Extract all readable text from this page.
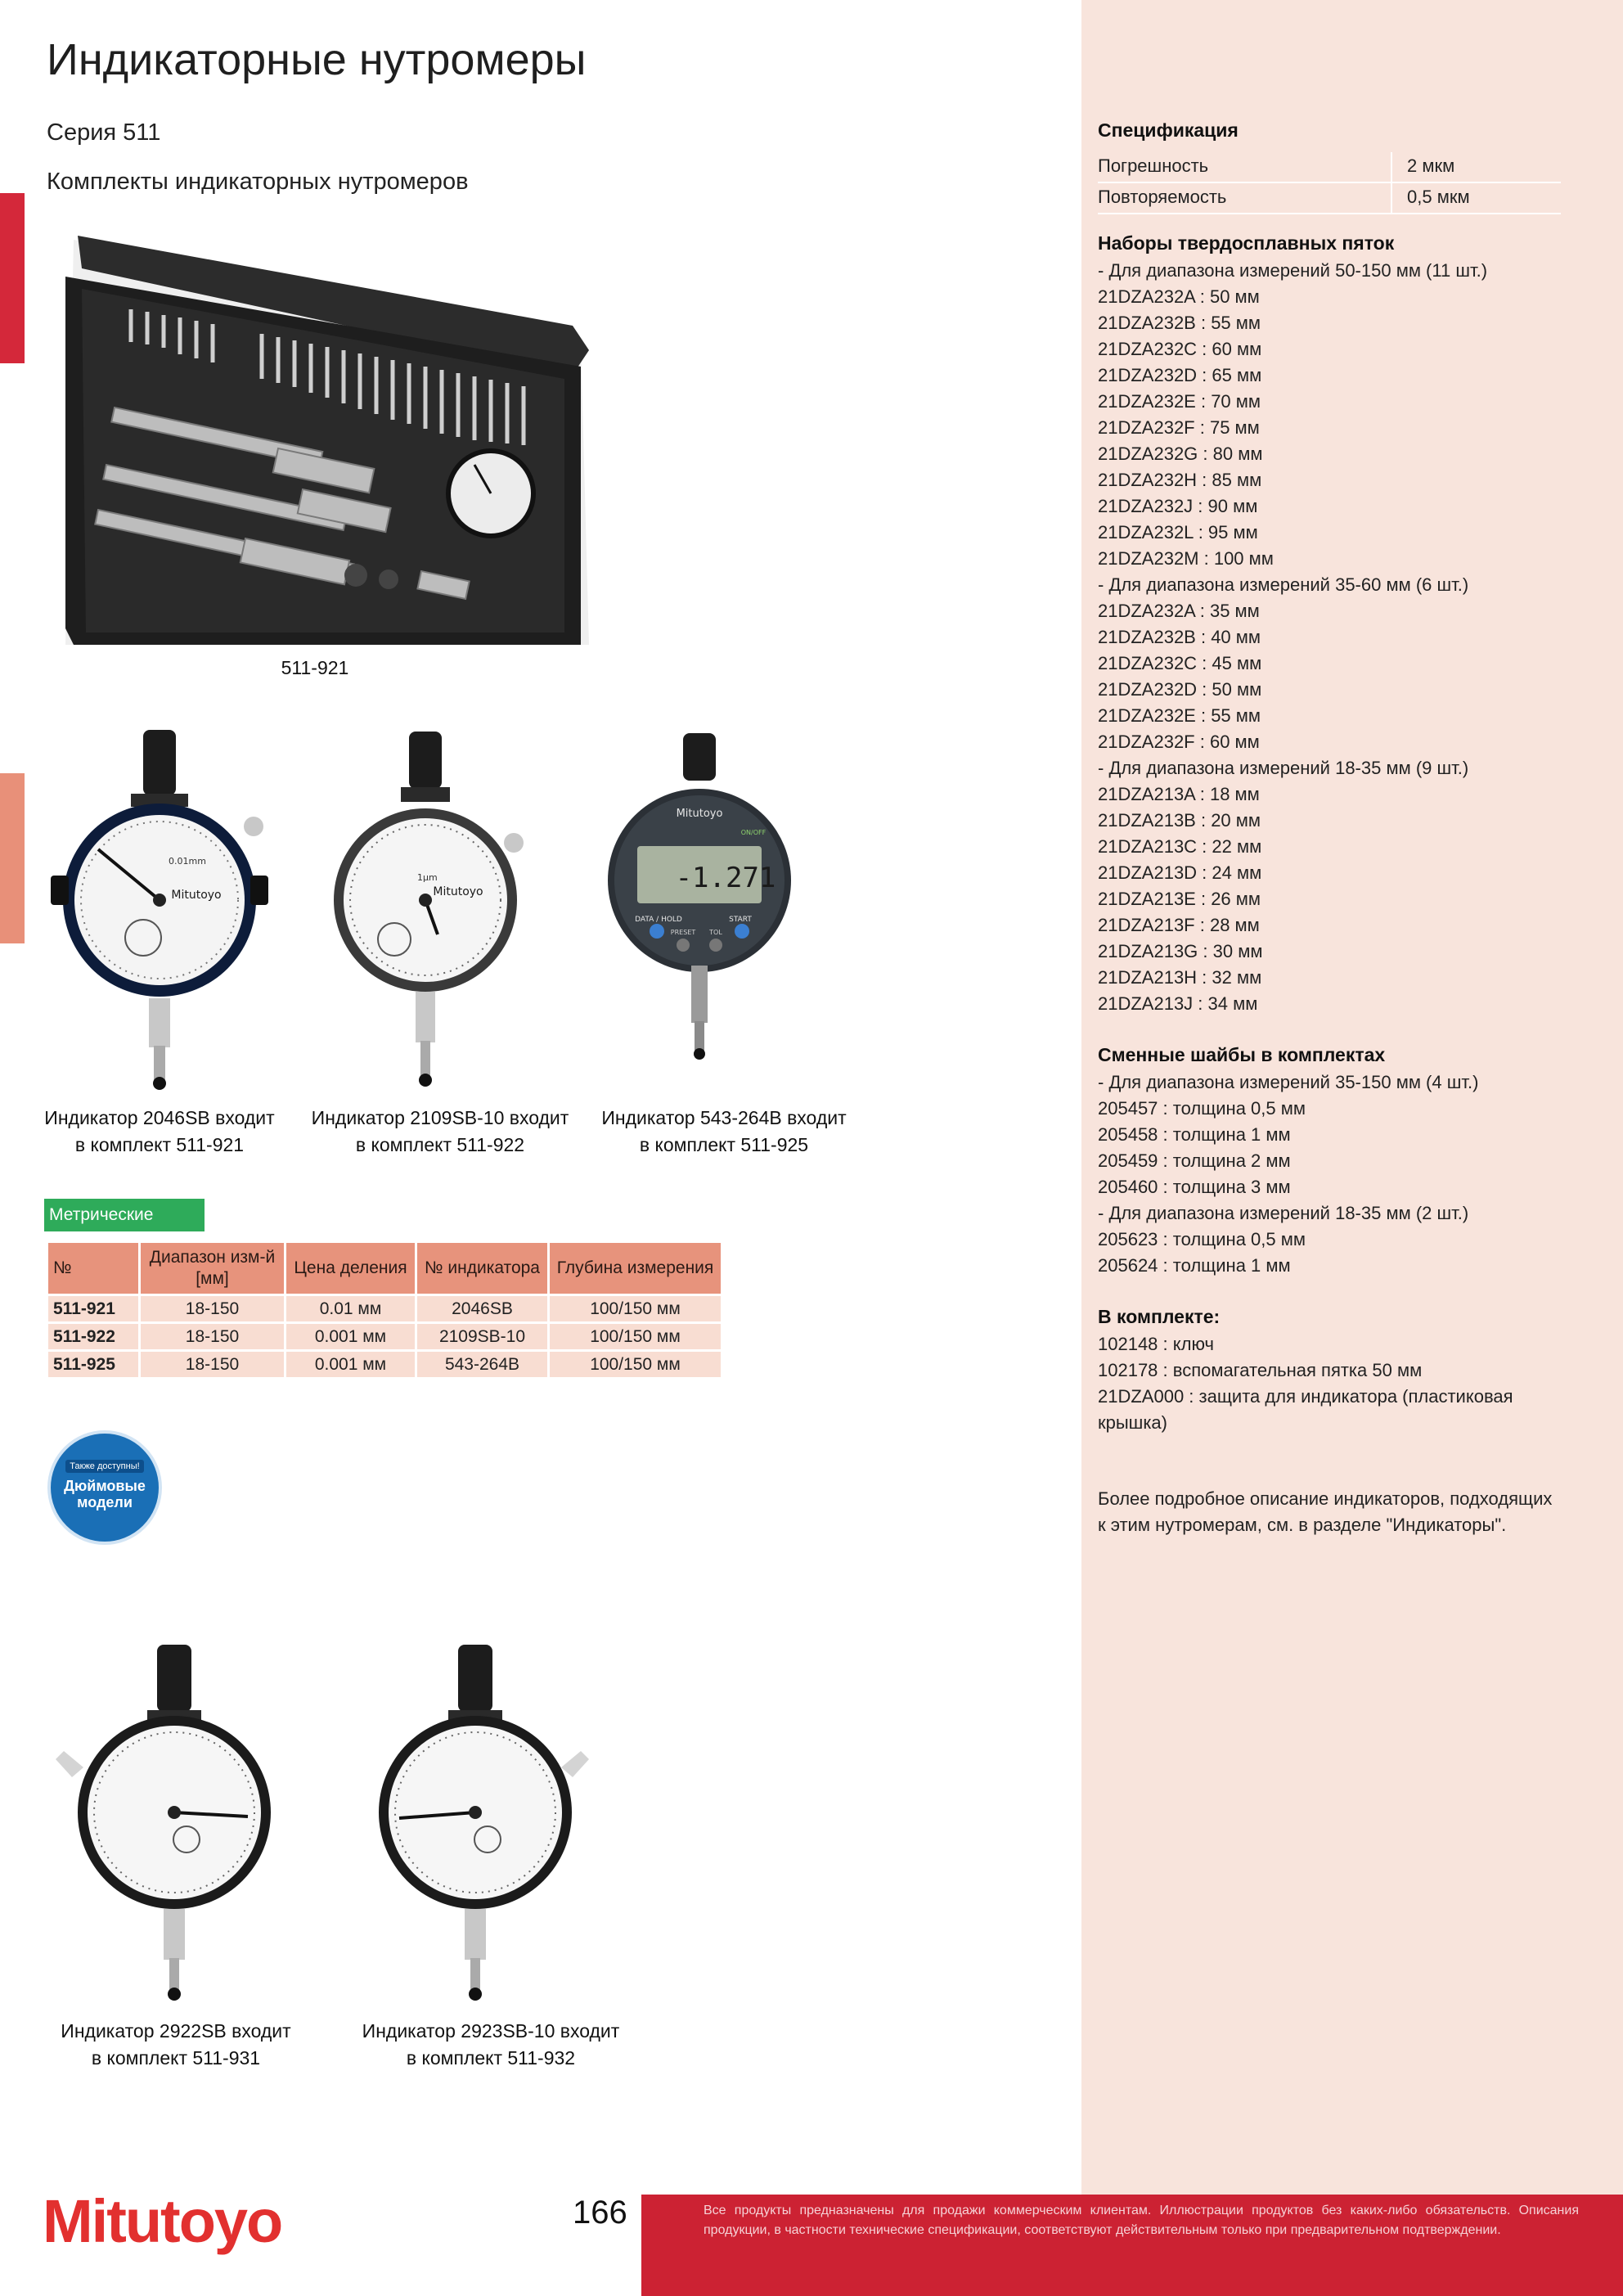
Индикаторные нутромеры
Серия 511
Комплекты индикаторных нутромеров
511-921
Mitutoyo
0.01mm
Mitutoyo
1μm	-1.271
Mitutoyo
ON/OFF
DATA / HOLD	START
PRESET TOL
Индикатор 2046SB входит
в комплект 511-921
Индикатор 2109SB-10 входит
в комплект 511-922
Индикатор 543-264B входит
в комплект 511-925
Метрические
№	Диапазон изм-й [мм]	Цена деления	№ индикатора	Глубина измерения
511-921	18-150	0.01 мм	2046SB	100/150 мм
511-922	18-150	0.001 мм	2109SB-10	100/150 мм
511-925	18-150	0.001 мм	543-264B	100/150 мм
Также доступны!
Дюймовые модели
Индикатор 2922SB входит
в комплект 511-931
Индикатор 2923SB-10 входит
в комплект 511-932
Спецификация
Погрешность	2 мкм
Повторяемость	0,5 мкм
Наборы твердосплавных пяток
- Для диапазона измерений 50-150 мм (11 шт.)
21DZA232A : 50 мм
21DZA232B : 55 мм
21DZA232C : 60 мм
21DZA232D : 65 мм
21DZA232E : 70 мм
21DZA232F : 75 мм
21DZA232G : 80 мм
21DZA232H : 85 мм
21DZA232J : 90 мм
21DZA232L : 95 мм
21DZA232M : 100 мм
- Для диапазона измерений 35-60 мм (6 шт.)
21DZA232A : 35 мм
21DZA232B : 40 мм
21DZA232C : 45 мм
21DZA232D : 50 мм
21DZA232E : 55 мм
21DZA232F : 60 мм
- Для диапазона измерений 18-35 мм (9 шт.)
21DZA213A : 18 мм
21DZA213B : 20 мм
21DZA213C : 22 мм
21DZA213D : 24 мм
21DZA213E : 26 мм
21DZA213F : 28 мм
21DZA213G : 30 мм
21DZA213H : 32 мм
21DZA213J : 34 мм
Сменные шайбы в комплектах
- Для диапазона измерений 35-150 мм (4 шт.)
205457 : толщина 0,5 мм
205458 : толщина 1 мм
205459 : толщина 2 мм
205460 : толщина 3 мм
- Для диапазона измерений 18-35 мм (2 шт.)
205623 : толщина 0,5 мм
205624 : толщина 1 мм
В комплекте:
102148 : ключ
102178 : вспомагательная пятка 50 мм
21DZA000 : защита для индикатора (пластиковая
крышка)
Более подробное описание индикаторов, подходящих к этим нутромерам, см. в разделе "Индикаторы".
Mitutoyo	166	Все продукты предназначены для продажи коммерческим клиентам. Иллюстрации продуктов без каких-либо обязательств. Описания продукции, в частности технические спецификации, соответствуют действительным только при предварительном подтверждении.
